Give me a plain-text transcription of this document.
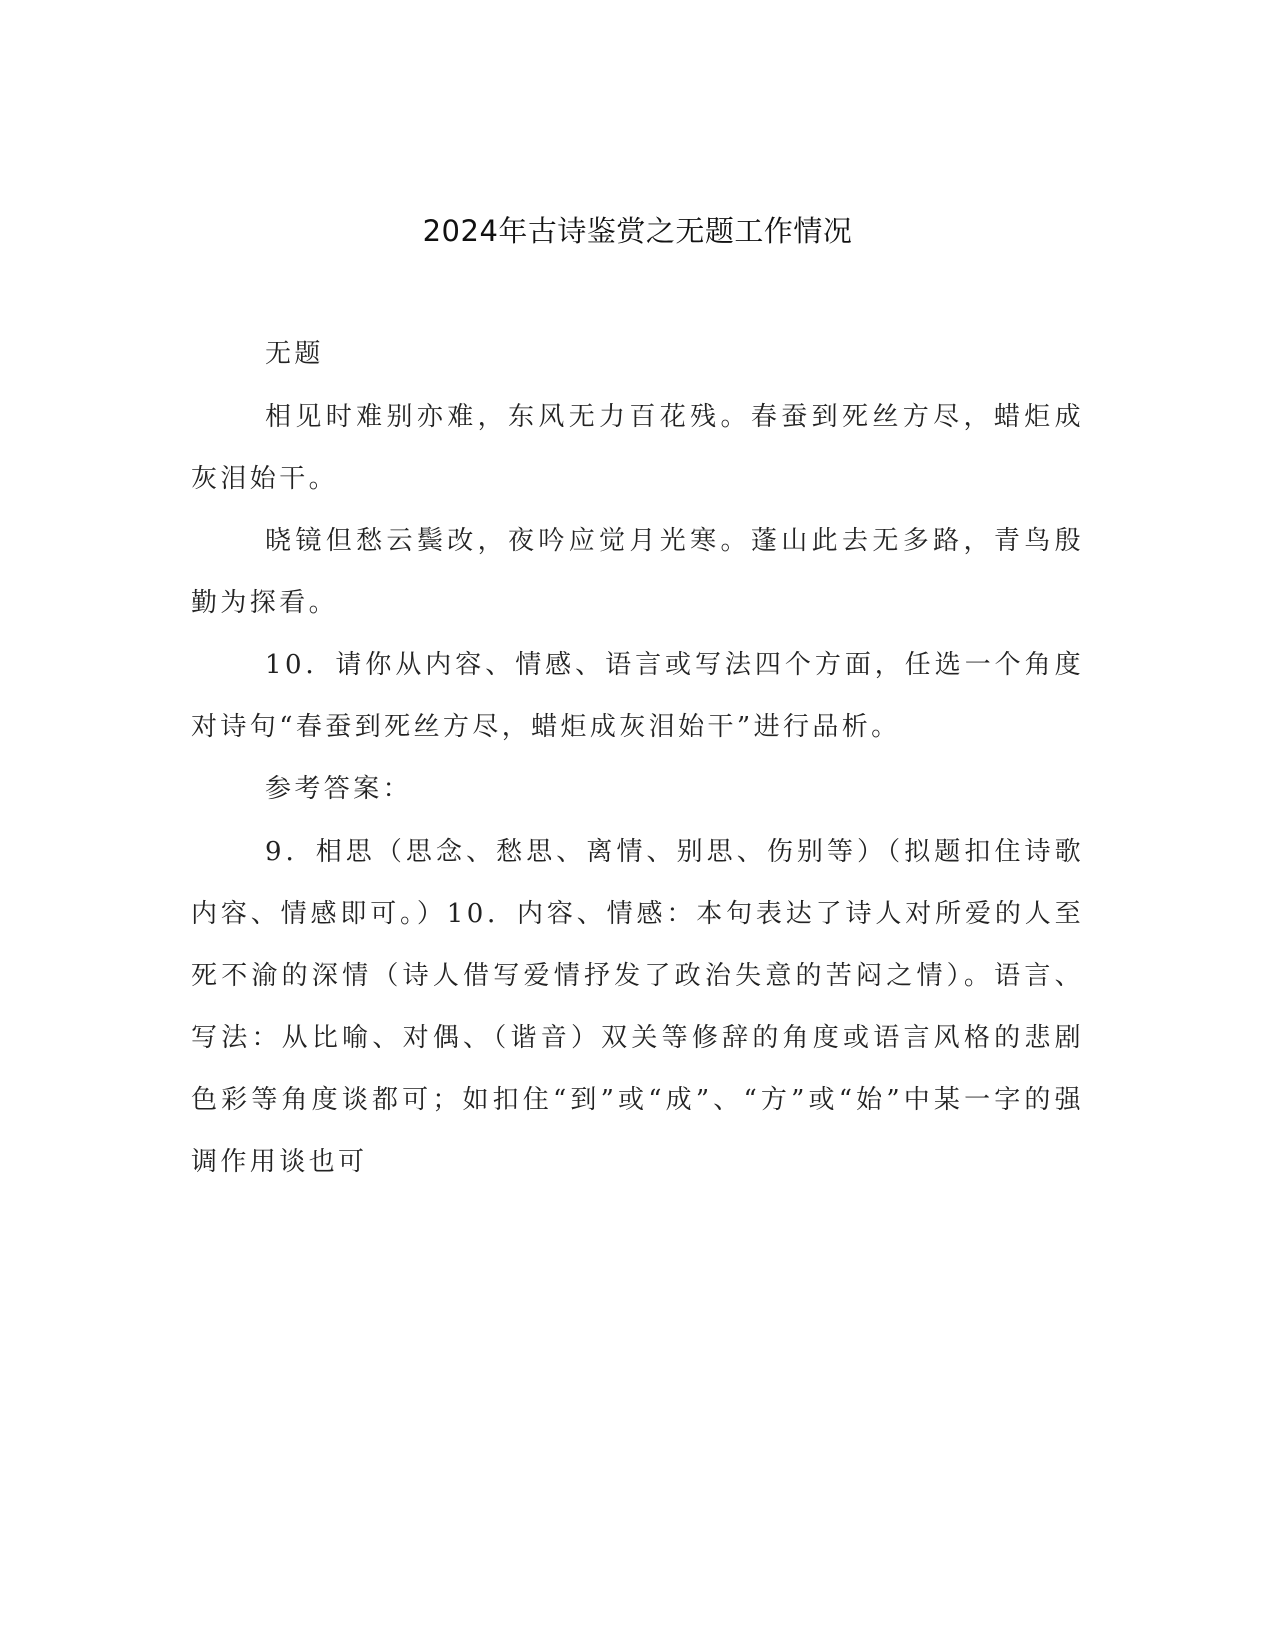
2024年古诗鉴赏之无题工作情况

无题

相见时难别亦难，东风无力百花残。春蚕到死丝方尽，蜡炬成灰泪始干。

晓镜但愁云鬓改，夜吟应觉月光寒。蓬山此去无多路，青鸟殷勤为探看。

10．请你从内容、情感、语言或写法四个方面，任选一个角度对诗句“春蚕到死丝方尽，蜡炬成灰泪始干”进行品析。

参考答案：

9．相思（思念、愁思、离情、别思、伤别等）（拟题扣住诗歌内容、情感即可。）10．内容、情感：本句表达了诗人对所爱的人至死不渝的深情（诗人借写爱情抒发了政治失意的苦闷之情）。语言、写法：从比喻、对偶、（谐音）双关等修辞的角度或语言风格的悲剧色彩等角度谈都可；如扣住“到”或“成”、“方”或“始”中某一字的强调作用谈也可
